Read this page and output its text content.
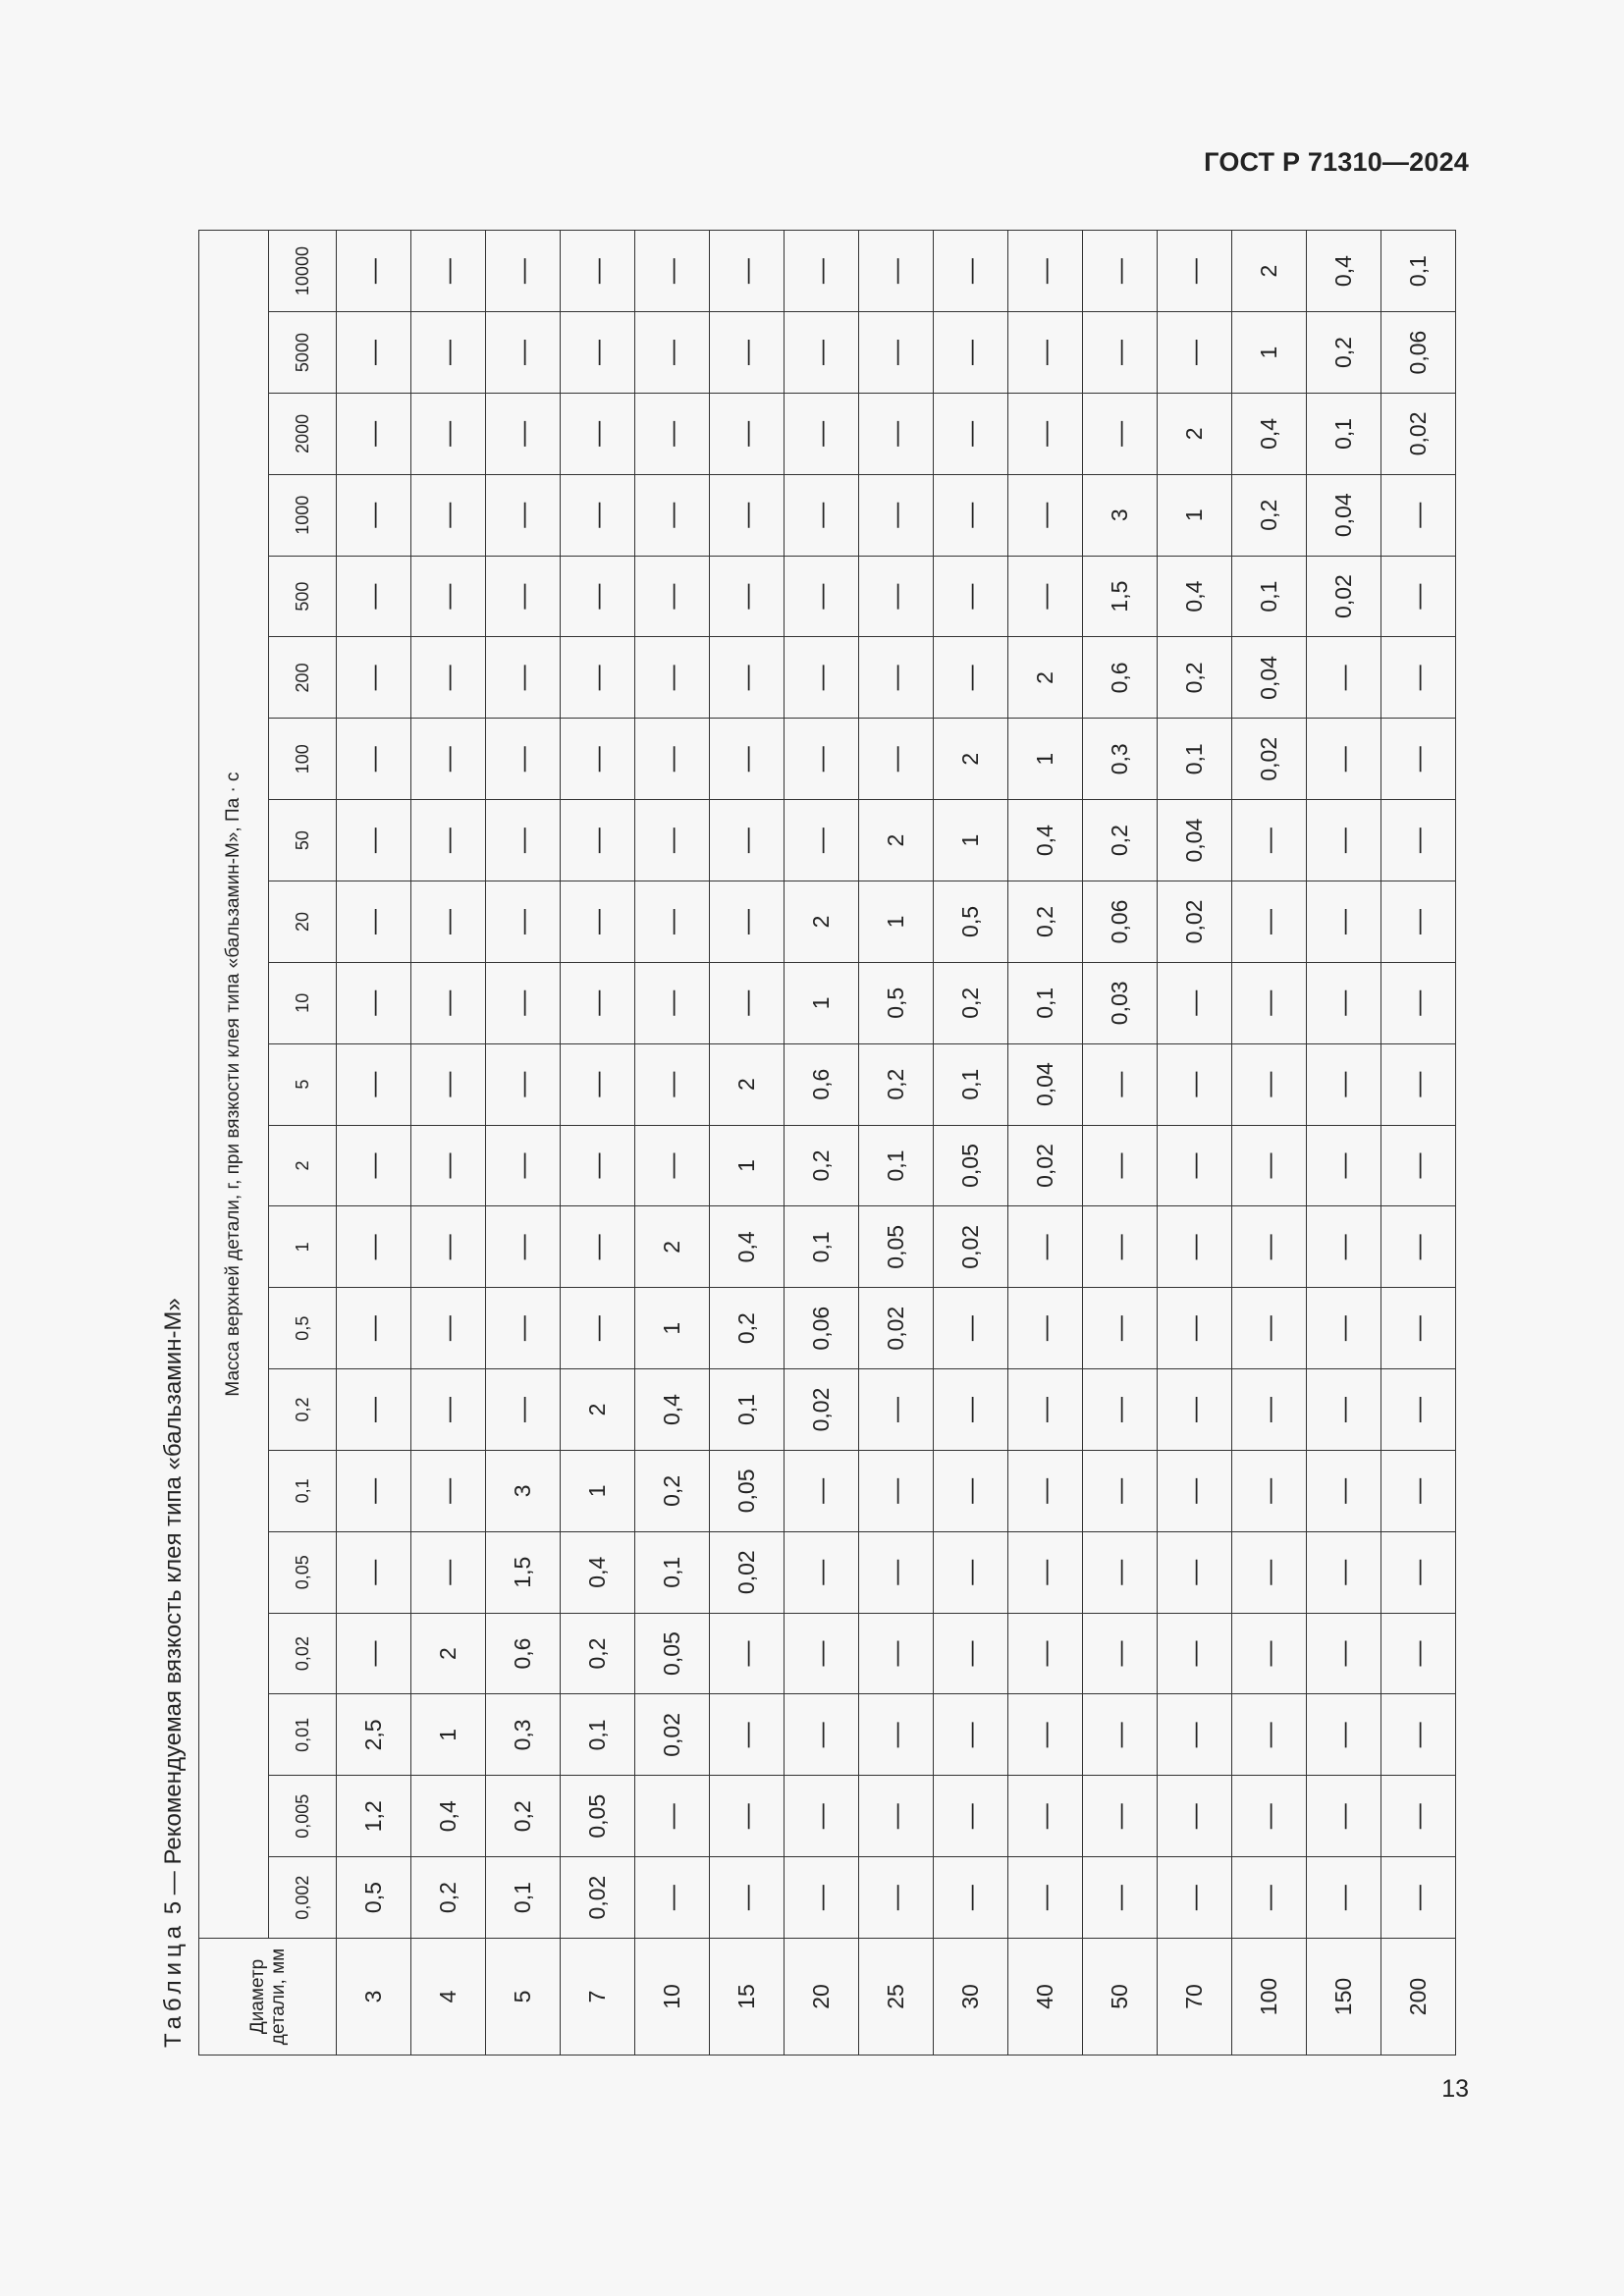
ГОСТ Р 71310—2024
Таблица 5 — Рекомендуемая вязкость клея типа «бальзамин-М»
Диаметр детали, мм	Масса верхней детали, г, при вязкости клея типа «бальзамин-М», Па · с																				
	0,002	0,005	0,01	0,02	0,05	0,1	0,2	0,5	1	2	5	10	20	50	100	200	500	1000	2000	5000	10000
3	0,5	1,2	2,5	—	—	—	—	—	—	—	—	—	—	—	—	—	—	—	—	—	—
4	0,2	0,4	1	2	—	—	—	—	—	—	—	—	—	—	—	—	—	—	—	—	—
5	0,1	0,2	0,3	0,6	1,5	3	—	—	—	—	—	—	—	—	—	—	—	—	—	—	—
7	0,02	0,05	0,1	0,2	0,4	1	2	—	—	—	—	—	—	—	—	—	—	—	—	—	—
10	—	—	0,02	0,05	0,1	0,2	0,4	1	2	—	—	—	—	—	—	—	—	—	—	—	—
15	—	—	—	—	0,02	0,05	0,1	0,2	0,4	1	2	—	—	—	—	—	—	—	—	—	—
20	—	—	—	—	—	—	0,02	0,06	0,1	0,2	0,6	1	2	—	—	—	—	—	—	—	—
25	—	—	—	—	—	—	—	0,02	0,05	0,1	0,2	0,5	1	2	—	—	—	—	—	—	—
30	—	—	—	—	—	—	—	—	0,02	0,05	0,1	0,2	0,5	1	2	—	—	—	—	—	—
40	—	—	—	—	—	—	—	—	—	0,02	0,04	0,1	0,2	0,4	1	2	—	—	—	—	—
50	—	—	—	—	—	—	—	—	—	—	—	0,03	0,06	0,2	0,3	0,6	1,5	3	—	—	—
70	—	—	—	—	—	—	—	—	—	—	—	—	0,02	0,04	0,1	0,2	0,4	1	2	—	—
100	—	—	—	—	—	—	—	—	—	—	—	—	—	—	0,02	0,04	0,1	0,2	0,4	1	2
150	—	—	—	—	—	—	—	—	—	—	—	—	—	—	—	—	0,02	0,04	0,1	0,2	0,4
200	—	—	—	—	—	—	—	—	—	—	—	—	—	—	—	—	—	—	0,02	0,06	0,1
13
